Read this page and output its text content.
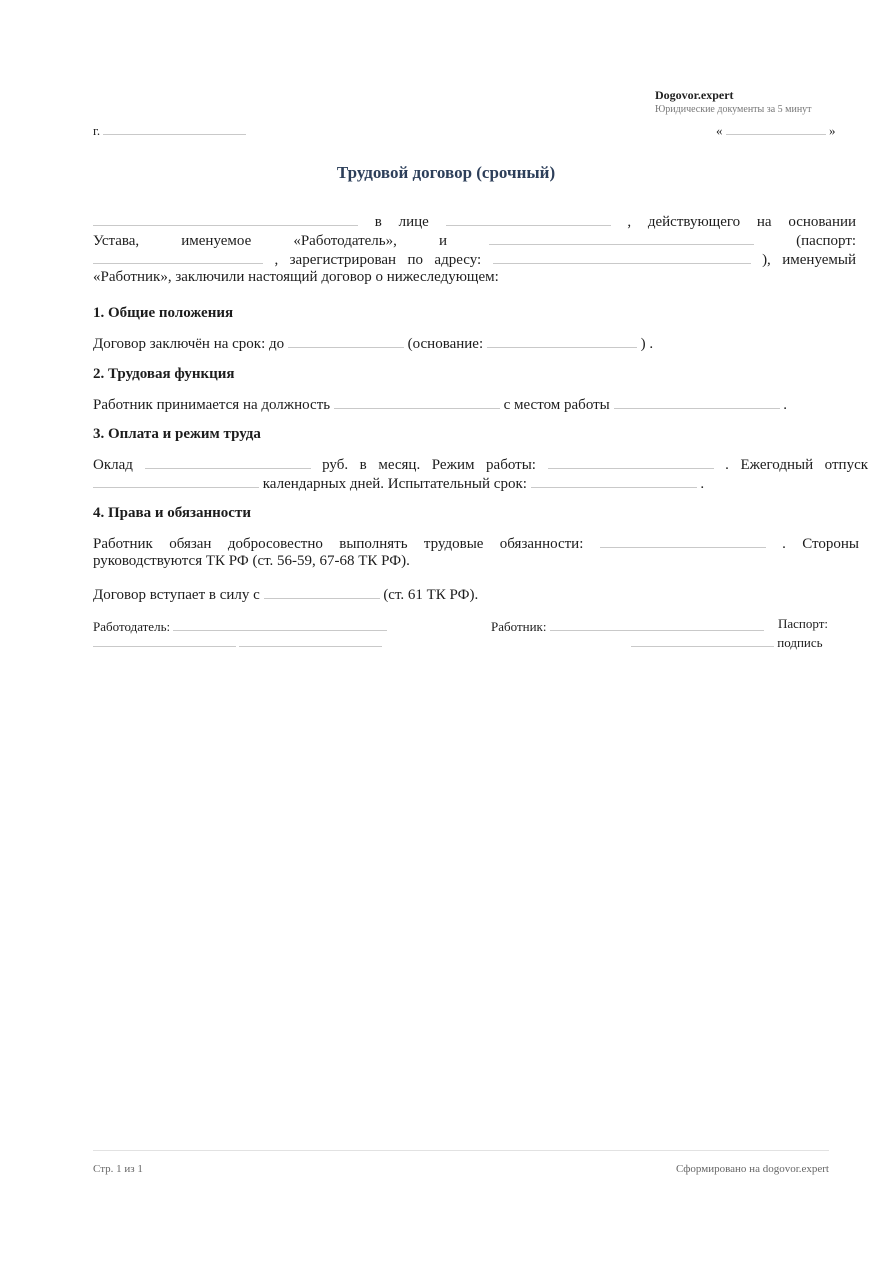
Dogovor.expert
Юридические документы за 5 минут
г.	«	»
Трудовой договор (срочный)
в лице	, действующего на основании
Устава,	именуемое	«Работодатель»,	и	(паспорт:
, зарегистрирован по адресу:	), именуемый
«Работник», заключили настоящий договор о нижеследующем:
1. Общие положения
Договор заключён на срок: до	(основание:	) .
2. Трудовая функция
Работник принимается на должность	с местом работы	.
3. Оплата и режим труда
Оклад	руб. в месяц. Режим работы:	. Ежегодный отпуск
календарных дней. Испытательный срок:	.
4. Права и обязанности
Работник обязан добросовестно выполнять трудовые обязанности:	. Стороны
руководствуются ТК РФ (ст. 56-59, 67-68 ТК РФ).
Договор вступает в силу с	(ст. 61 ТК РФ).
Работодатель:	Работник:	Паспорт:

подпись
Стр. 1 из 1	Сформировано на dogovor.expert
